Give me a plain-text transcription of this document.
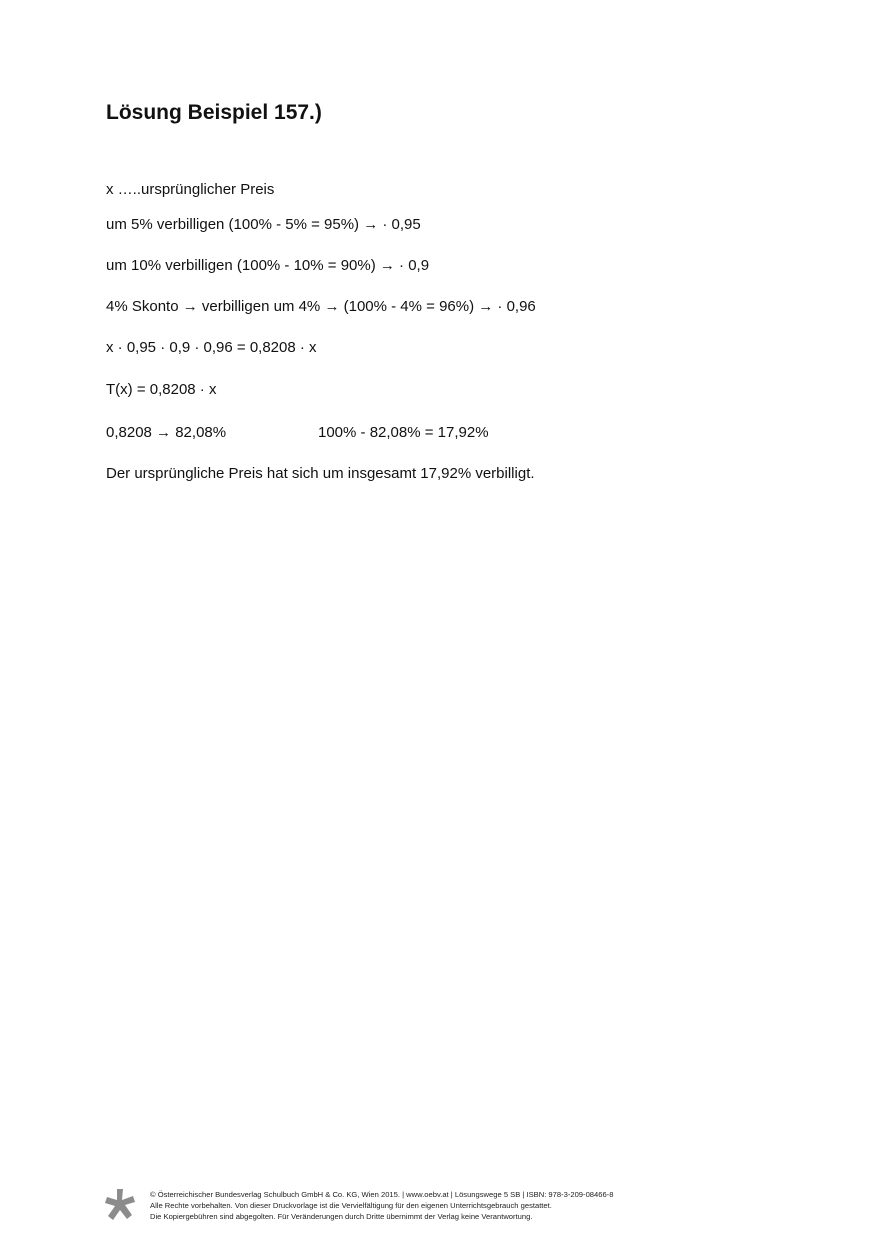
Lösung Beispiel 157.)
x …..ursprünglicher Preis
um 5% verbilligen (100% - 5% = 95%) → · 0,95
um 10% verbilligen (100% - 10% = 90%) → · 0,9
4% Skonto → verbilligen um 4% → (100% - 4% = 96%) → · 0,96
x · 0,95 · 0,9 · 0,96 = 0,8208 · x
T(x) = 0,8208 · x
0,8208 → 82,08%	100% - 82,08% = 17,92%
Der ursprüngliche Preis hat sich um insgesamt 17,92% verbilligt.
© Österreichischer Bundesverlag Schulbuch GmbH & Co. KG, Wien 2015. | www.oebv.at | Lösungswege 5 SB | ISBN: 978-3-209-08466-8
Alle Rechte vorbehalten. Von dieser Druckvorlage ist die Vervielfältigung für den eigenen Unterrichtsgebrauch gestattet.
Die Kopiergebühren sind abgegolten. Für Veränderungen durch Dritte übernimmt der Verlag keine Verantwortung.
